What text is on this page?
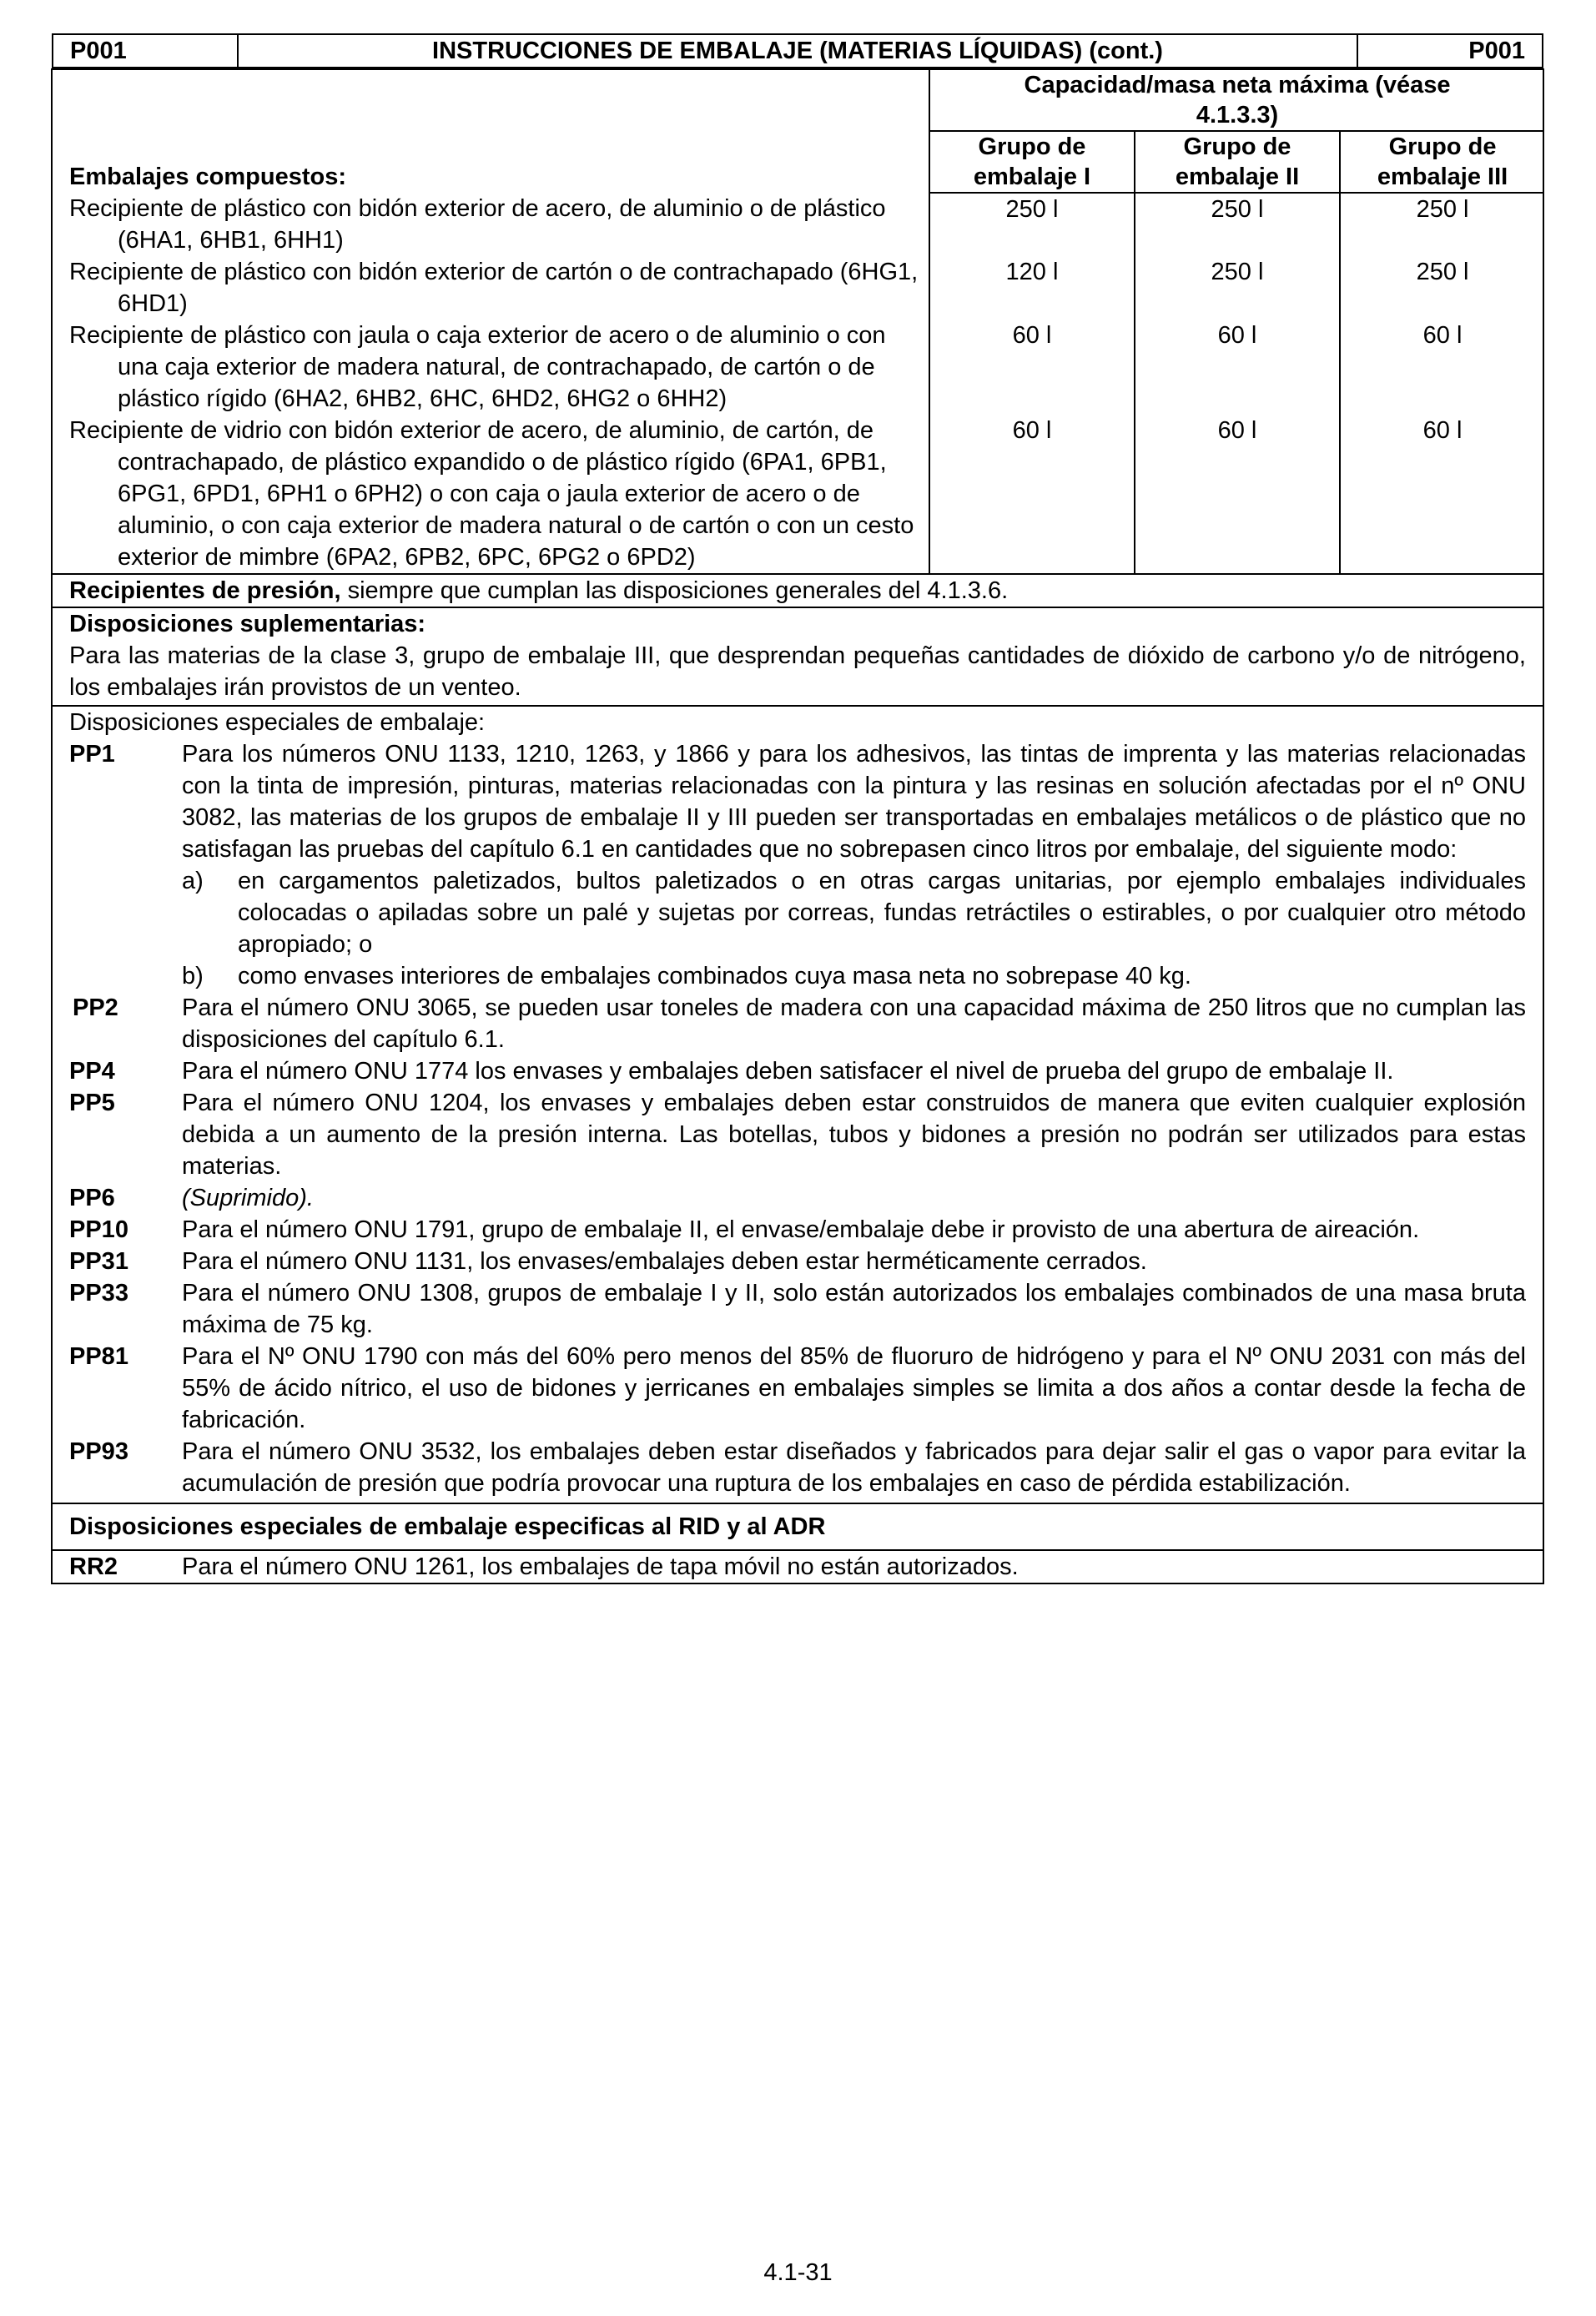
P001	INSTRUCCIONES DE EMBALAJE (MATERIAS LÍQUIDAS) (cont.)	P001

Embalajes compuestos:	Capacidad/masa neta máxima (véase 4.1.3.3)
Grupo de embalaje I	Grupo de embalaje II	Grupo de embalaje III

Recipiente de plástico con bidón exterior de acero, de aluminio o de plástico (6HA1, 6HB1, 6HH1)
	250 l	250 l	250 l

Recipiente de plástico con bidón exterior de cartón o de contrachapado (6HG1, 6HD1)
	120 l	250 l	250 l

Recipiente de plástico con jaula o caja exterior de acero o de aluminio o con una caja exterior de madera natural, de contrachapado, de cartón o de plástico rígido (6HA2, 6HB2, 6HC, 6HD2, 6HG2 o 6HH2)
	60 l	60 l	60 l

Recipiente de vidrio con bidón exterior de acero, de aluminio, de cartón, de contrachapado, de plástico expandido o de plástico rígido (6PA1, 6PB1, 6PG1, 6PD1, 6PH1 o 6PH2) o con caja o jaula exterior de acero o de aluminio, o con caja exterior de madera natural o de cartón o con un cesto exterior de mimbre (6PA2, 6PB2, 6PC, 6PG2 o 6PD2)
	60 l	60 l	60 l

Recipientes de presión, siempre que cumplan las disposiciones generales del 4.1.3.6.

Disposiciones suplementarias:
Para las materias de la clase 3, grupo de embalaje III, que desprendan pequeñas cantidades de dióxido de carbono y/o de nitrógeno, los embalajes irán provistos de un venteo.

Disposiciones especiales de embalaje:
PP1	Para los números ONU 1133, 1210, 1263, y 1866 y para los adhesivos, las tintas de imprenta y las materias relacionadas con la tinta de impresión, pinturas, materias relacionadas con la pintura y las resinas en solución afectadas por el nº ONU 3082, las materias de los grupos de embalaje II y III pueden ser transportadas en embalajes metálicos o de plástico que no satisfagan las pruebas del capítulo 6.1 en cantidades que no sobrepasen cinco litros por embalaje, del siguiente modo:
a)	en cargamentos paletizados, bultos paletizados o en otras cargas unitarias, por ejemplo embalajes individuales colocadas o apiladas sobre un palé y sujetas por correas, fundas retráctiles o estirables, o por cualquier otro método apropiado; o
b)	como envases interiores de embalajes combinados cuya masa neta no sobrepase 40 kg.
PP2	Para el número ONU 3065, se pueden usar toneles de madera con una capacidad máxima de 250 litros que no cumplan las disposiciones del capítulo 6.1.
PP4	Para el número ONU 1774 los envases y embalajes deben satisfacer el nivel de prueba del grupo de embalaje II.
PP5	Para el número ONU 1204, los envases y embalajes deben estar construidos de manera que eviten cualquier explosión debida a un aumento de la presión interna. Las botellas, tubos y bidones a presión no podrán ser utilizados para estas materias.
PP6	(Suprimido).
PP10	Para el número ONU 1791, grupo de embalaje II, el envase/embalaje debe ir provisto de una abertura de aireación.
PP31	Para el número ONU 1131, los envases/embalajes deben estar herméticamente cerrados.
PP33	Para el número ONU 1308, grupos de embalaje I y II, solo están autorizados los embalajes combinados de una masa bruta máxima de 75 kg.
PP81	Para el Nº ONU 1790 con más del 60% pero menos del 85% de fluoruro de hidrógeno y para el Nº ONU 2031 con más del 55% de ácido nítrico, el uso de bidones y jerricanes en embalajes simples se limita a dos años a contar desde la fecha de fabricación.
PP93	Para el número ONU 3532, los embalajes deben estar diseñados y fabricados para dejar salir el gas o vapor para evitar la acumulación de presión que podría provocar una ruptura de los embalajes en caso de pérdida estabilización.

Disposiciones especiales de embalaje especificas al RID y al ADR

RR2	Para el número ONU 1261, los embalajes de tapa móvil no están autorizados.
4.1-31
